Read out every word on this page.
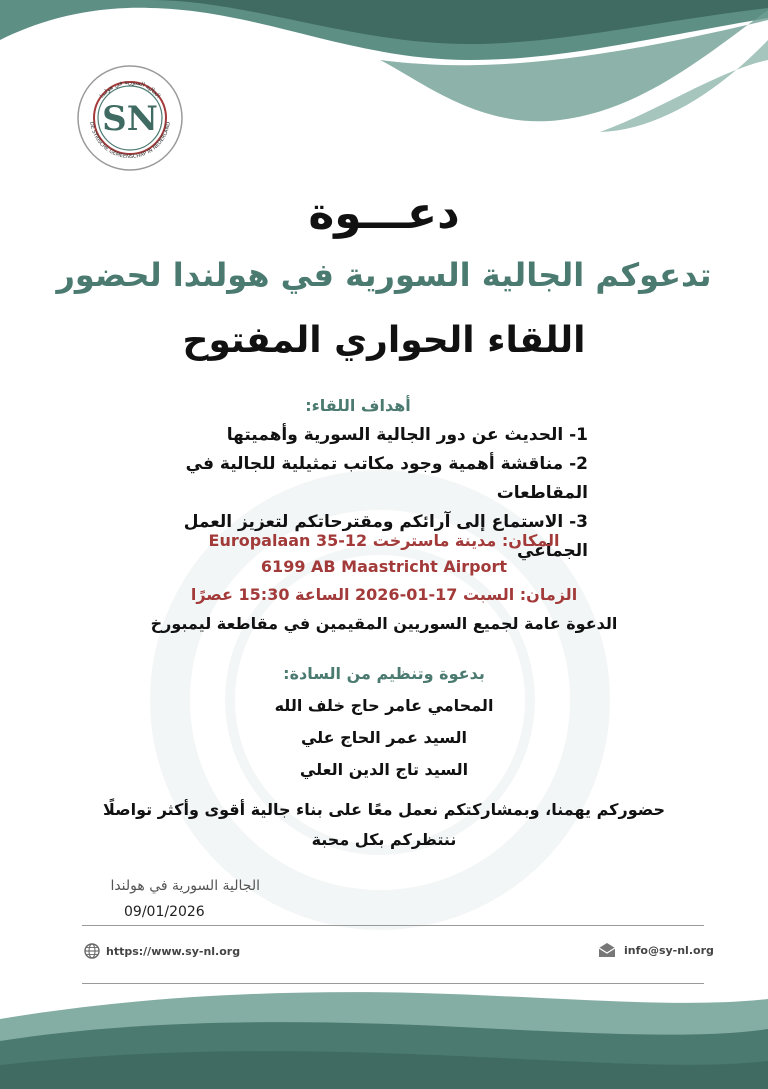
الجالية السورية في هولندا
DE SYRISCHE GEMEENSCHAP IN NEDERLAND
SN
دعـــوة
تدعوكم الجالية السورية في هولندا لحضور
اللقاء الحواري المفتوح
أهداف اللقاء:
1- الحديث عن دور الجالية السورية وأهميتها
2- مناقشة أهمية وجود مكاتب تمثيلية للجالية في المقاطعات
3- الاستماع إلى آرائكم ومقترحاتكم لتعزيز العمل الجماعي
المكان: مدينة ماسترخت Europalaan 35-12
6199 AB Maastricht Airport
الزمان: السبت 17-01-2026 الساعة 15:30 عصرًا
الدعوة عامة لجميع السوريين المقيمين في مقاطعة ليمبورخ
بدعوة وتنظيم من السادة:
المحامي عامر حاج خلف الله
السيد عمر الحاج علي
السيد تاج الدين العلي
حضوركم يهمنا، وبمشاركتكم نعمل معًا على بناء جالية أقوى وأكثر تواصلًا
ننتظركم بكل محبة
الجالية السورية في هولندا
09/01/2026
https://www.sy-nl.org	info@sy-nl.org
